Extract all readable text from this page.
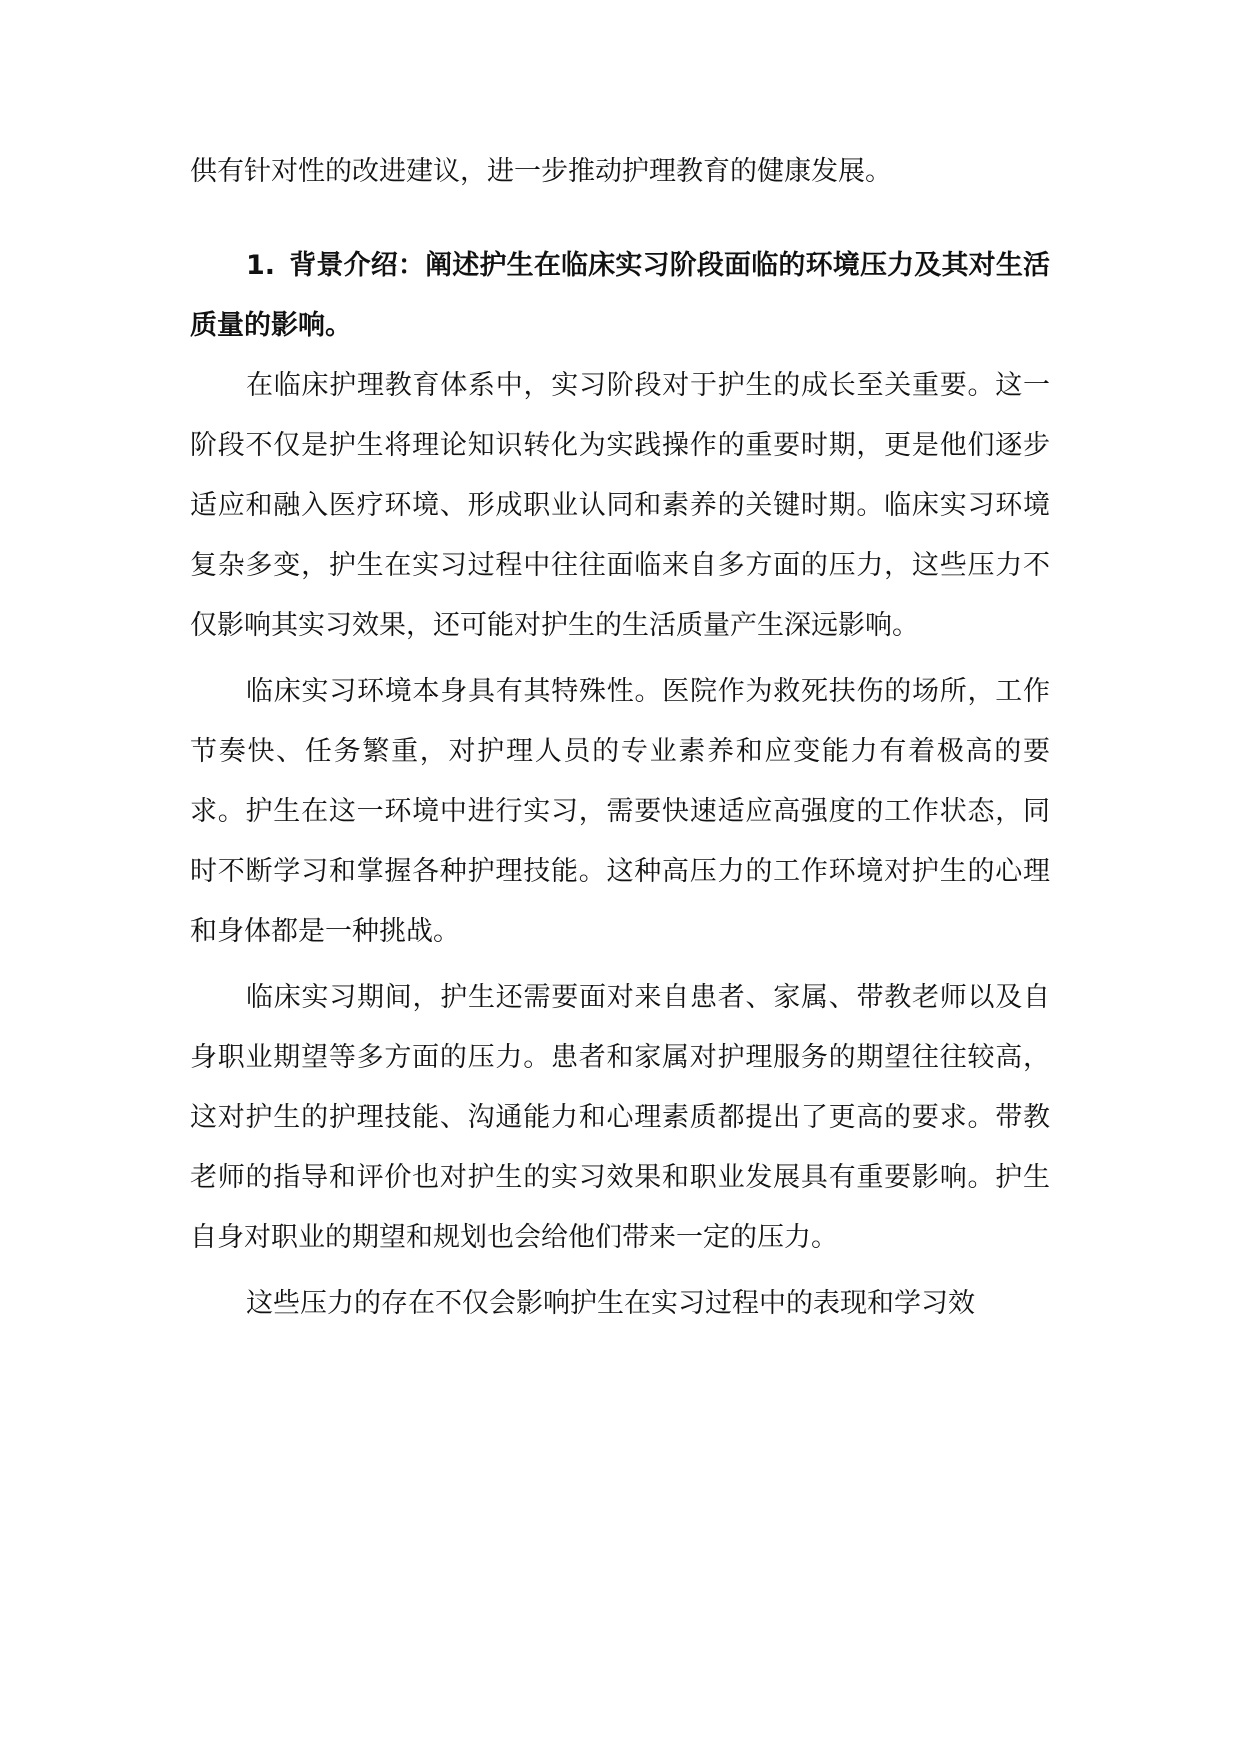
供有针对性的改进建议，进一步推动护理教育的健康发展。

1. 背景介绍：阐述护生在临床实习阶段面临的环境压力及其对生活质量的影响。

在临床护理教育体系中，实习阶段对于护生的成长至关重要。这一阶段不仅是护生将理论知识转化为实践操作的重要时期，更是他们逐步适应和融入医疗环境、形成职业认同和素养的关键时期。临床实习环境复杂多变，护生在实习过程中往往面临来自多方面的压力，这些压力不仅影响其实习效果，还可能对护生的生活质量产生深远影响。

临床实习环境本身具有其特殊性。医院作为救死扶伤的场所，工作节奏快、任务繁重，对护理人员的专业素养和应变能力有着极高的要求。护生在这一环境中进行实习，需要快速适应高强度的工作状态，同时不断学习和掌握各种护理技能。这种高压力的工作环境对护生的心理和身体都是一种挑战。

临床实习期间，护生还需要面对来自患者、家属、带教老师以及自身职业期望等多方面的压力。患者和家属对护理服务的期望往往较高，这对护生的护理技能、沟通能力和心理素质都提出了更高的要求。带教老师的指导和评价也对护生的实习效果和职业发展具有重要影响。护生自身对职业的期望和规划也会给他们带来一定的压力。

这些压力的存在不仅会影响护生在实习过程中的表现和学习效
